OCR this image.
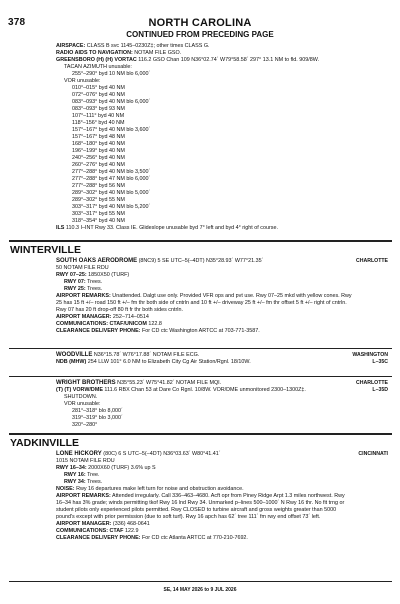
378	NORTH CAROLINA
CONTINUED FROM PRECEDING PAGE
AIRSPACE: CLASS B svc 1145–0230Z‡; other times CLASS G.
RADIO AIDS TO NAVIGATION: NOTAM FILE GSO.
GREENSBORO (H) (H) VORTAC 116.2 GSO Chan 109 N36°02.74´ W79°58.58´ 297° 13.1 NM to fld. 909/8W.
TACAN AZIMUTH unusable:
255°–290° byd 10 NM blo 6,000´
VOR unusable:
010°–015° byd 40 NM
072°–076° byd 40 NM
083°–093° byd 40 NM blo 6,000´
083°–093° byd 93 NM
107°–111° byd 40 NM
118°–156° byd 40 NM
157°–167° byd 40 NM blo 3,600´
157°–167° byd 48 NM
168°–180° byd 40 NM
196°–199° byd 40 NM
240°–256° byd 40 NM
260°–276° byd 40 NM
277°–288° byd 40 NM blo 3,500´
277°–288° byd 47 NM blo 6,000´
277°–288° byd 56 NM
289°–302° byd 40 NM blo 5,000´
289°–302° byd 55 NM
303°–317° byd 40 NM blo 5,200´
303°–317° byd 55 NM
318°–354° byd 40 NM
ILS 110.3 I–INT Rwy 33. Class IE. Glideslope unusable byd 7° left and byd 4° right of course.
WINTERVILLE
SOUTH OAKS AERODROME (8NC9) 5 SE UTC–5(–4DT) N35°28.93´ W77°21.35´
50 NOTAM FILE RDU
RWY 07–25: 1850X50 (TURF)
RWY 07: Trees.
RWY 25: Trees.
AIRPORT REMARKS: Unattended. Dalgt use only. Provided VFR ops and pvt use. Rwy 07–25 mkd with yellow cones. Rwy 25 has 15 ft +/– road 150 ft +/– fm thr both side of cntrln and 10 ft +/– driveway 25 ft +/– fm thr offset 5 ft +/– right of cntrln. Rwy 07 has 20 ft drop-off 80 ft fr thr both sides cntrln.
AIRPORT MANAGER: 252–714–0514
COMMUNICATIONS: CTAF/UNICOM 122.8
CLEARANCE DELIVERY PHONE: For CD ctc Washington ARTCC at 703-771-3587.
CHARLOTTE
WOODVILLE N36°15.78´ W76°17.88´ NOTAM FILE ECG.
NDB (MHW) 254 LLW 101° 6.0 NM to Elizabeth City Cg Air Station/Rgnl. 18/10W.
WASHINGTON
L–35C
WRIGHT BROTHERS N35°55.23´ W75°41.82´ NOTAM FILE MQI.
(T) (T) VORW/DME 111.6 RBX Chan 53 at Dare Co Rgnl. 10/8W. VOR/DME unmonitored 2300–1300Z‡.
SHUTDOWN.
VOR unusable:
281°–318° blo 8,000´
319°–319° blo 3,000´
320°–280°
CHARLOTTE
L–35D
YADKINVILLE
LONE HICKORY (80C) 6 S UTC–5(–4DT) N36°03.63´ W80°41.41´
1015 NOTAM FILE RDU
RWY 16–34: 2000X60 (TURF) 3.6% up S
RWY 16: Tree.
RWY 34: Trees.
NOISE: Rwy 16 departures make left turn for noise and obstruction avoidance.
AIRPORT REMARKS: Attended irregularly. Call 336–463–4680. Acft opr from Piney Ridge Arpt 1.3 miles northwest. Rwy 16–34 has 3% grade; winds permitting tkof Rwy 16 lnd Rwy 34. Unmarked p–lines 500–1000´ N Rwy 16 thr. No fit trng or student pilots only experienced pilots permitted. Rwy CLOSED to turbine aircraft and gross weights greater than 5000 pound's except with prior permission (due to soft turf). Rwy 16 apch has 62´ tree 111´ fm rwy end offset 73´ left.
AIRPORT MANAGER: (336) 468-0641
COMMUNICATIONS: CTAF 122.9
CLEARANCE DELIVERY PHONE: For CD ctc Atlanta ARTCC at 770-210-7692.
CINCINNATI
SE, 14 MAY 2026 to 9 JUL 2026
